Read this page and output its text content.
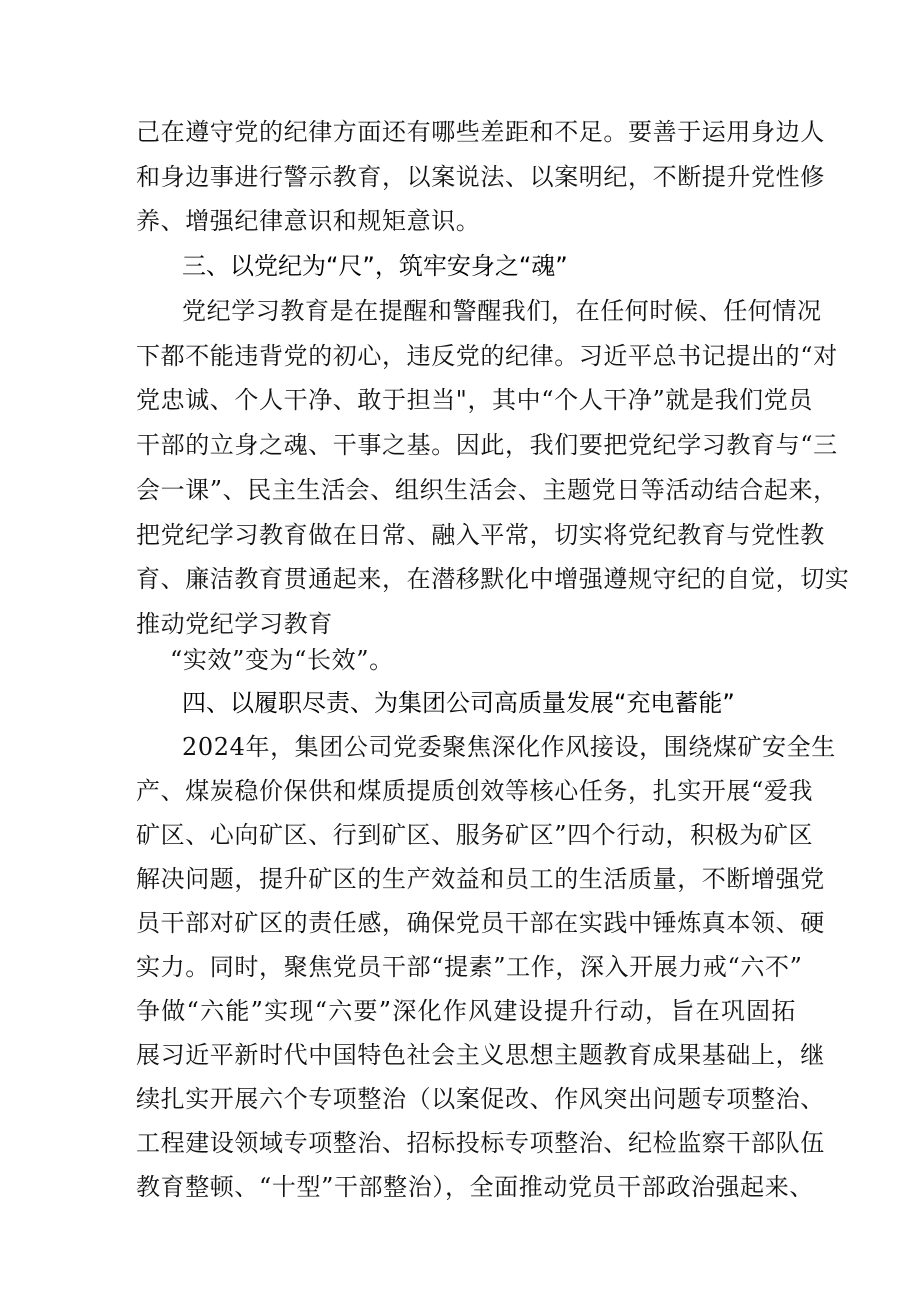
己在遵守党的纪律方面还有哪些差距和不足。要善于运用身边人
和身边事进行警示教育，以案说法、以案明纪，不断提升党性修
养、增强纪律意识和规矩意识。
三、以党纪为“尺”，筑牢安身之“魂”
党纪学习教育是在提醒和警醒我们，在任何时候、任何情况
下都不能违背党的初心，违反党的纪律。习近平总书记提出的“对
党忠诚、个人干净、敢于担当"，其中“个人干净”就是我们党员
干部的立身之魂、干事之基。因此，我们要把党纪学习教育与“三
会一课”、民主生活会、组织生活会、主题党日等活动结合起来，
把党纪学习教育做在日常、融入平常，切实将党纪教育与党性教
育、廉洁教育贯通起来，在潜移默化中增强遵规守纪的自觉，切实
推动党纪学习教育
“实效”变为“长效”。
四、以履职尽责、为集团公司高质量发展“充电蓄能”
2024年，集团公司党委聚焦深化作风接设，围绕煤矿安全生
产、煤炭稳价保供和煤质提质创效等核心任务，扎实开展“爱我
矿区、心向矿区、行到矿区、服务矿区”四个行动，积极为矿区
解决问题，提升矿区的生产效益和员工的生活质量，不断增强党
员干部对矿区的责任感，确保党员干部在实践中锤炼真本领、硬
实力。同时，聚焦党员干部“提素”工作，深入开展力戒“六不”
争做“六能”实现“六要”深化作风建设提升行动，旨在巩固拓
展习近平新时代中国特色社会主义思想主题教育成果基础上，继
续扎实开展六个专项整治（以案促改、作风突出问题专项整治、
工程建设领域专项整治、招标投标专项整治、纪检监察干部队伍
教育整顿、“十型”干部整治），全面推动党员干部政治强起来、
